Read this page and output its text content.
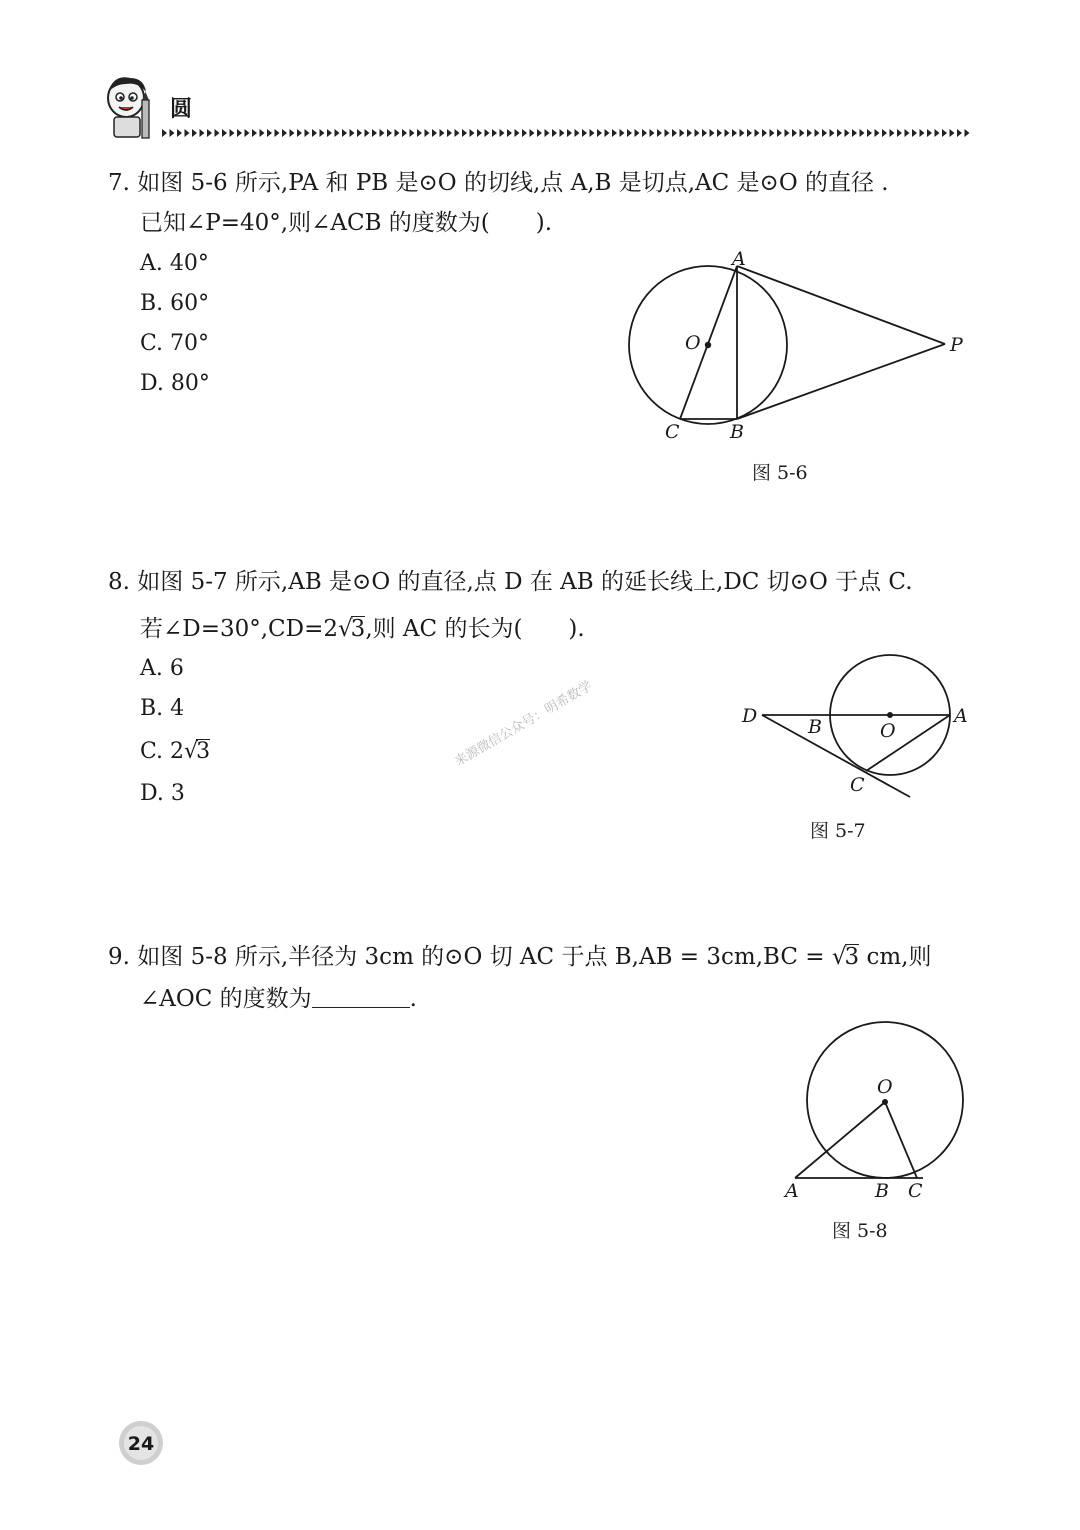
圆
7. 如图 5-6 所示,PA 和 PB 是⊙O 的切线,点 A,B 是切点,AC 是⊙O 的直径 .
已知∠P=40°,则∠ACB 的度数为(　　).
A. 40°
B. 60°
C. 70°
D. 80°
A
O	P
C	B
图 5-6
8. 如图 5-7 所示,AB 是⊙O 的直径,点 D 在 AB 的延长线上,DC 切⊙O 于点 C.
若∠D=30°,CD=2√3,则 AC 的长为(　　).
A. 6
B. 4
C. 2√3
D. 3
D	B	O
A
C
图 5-7
来源微信公众号：明希数学
9. 如图 5-8 所示,半径为 3cm 的⊙O 切 AC 于点 B,AB = 3cm,BC = √3 cm,则
∠AOC 的度数为	.
O
A	B C
图 5-8
24
